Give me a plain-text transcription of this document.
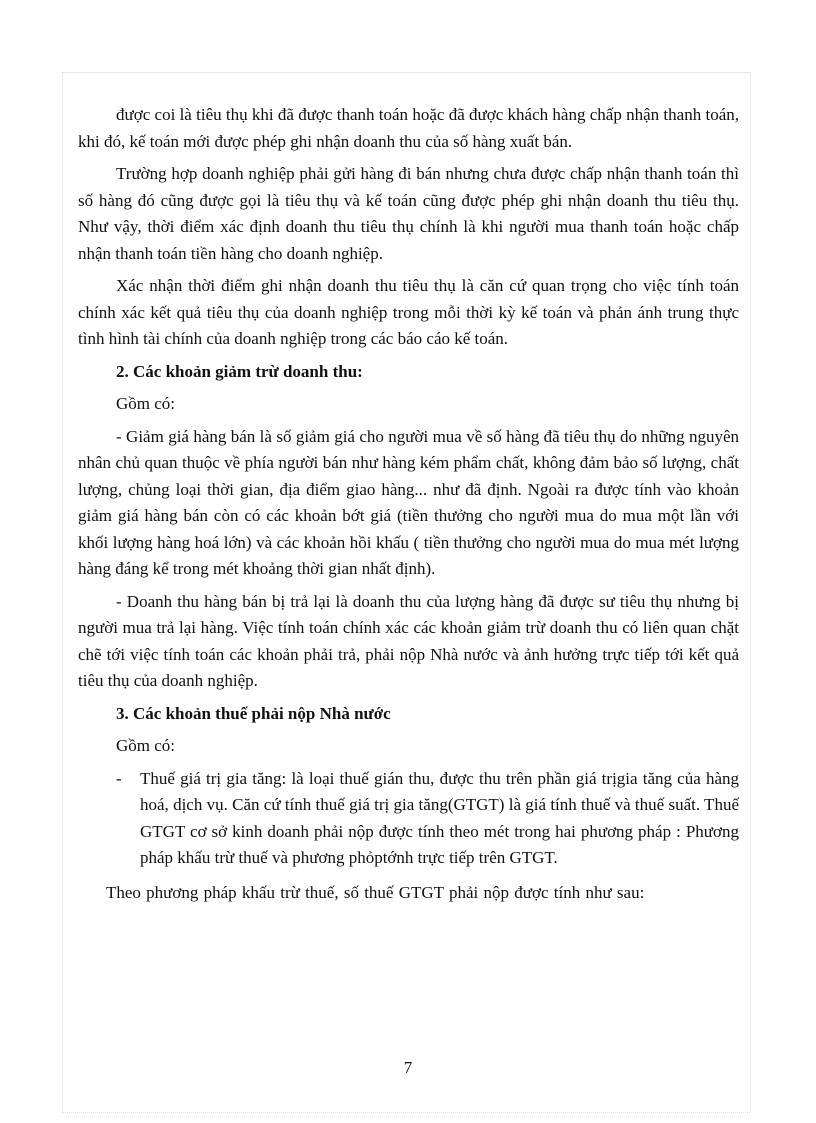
được coi là tiêu thụ khi đã được thanh toán hoặc đã được khách hàng chấp nhận thanh toán, khi đó, kế toán mới được phép ghi nhận doanh thu của số hàng xuất bán.

Trường hợp doanh nghiệp phải gửi hàng đi bán nhưng chưa được chấp nhận thanh toán thì số hàng đó cũng được gọi là tiêu thụ và kế toán cũng được phép ghi nhận doanh thu tiêu thụ. Như vậy, thời điểm xác định doanh thu tiêu thụ chính là khi người mua thanh toán hoặc chấp nhận thanh toán tiền hàng cho doanh nghiệp.

Xác nhận thời điểm ghi nhận doanh thu tiêu thụ là căn cứ quan trọng cho việc tính toán chính xác kết quả tiêu thụ của doanh nghiệp trong mỗi thời kỳ kế toán và phản ánh trung thực tình hình tài chính của doanh nghiệp trong các báo cáo kế toán.

2. Các khoản giảm trừ doanh thu:

Gồm có:

- Giảm giá hàng bán là số giảm giá cho người mua về số hàng đã tiêu thụ do những nguyên nhân chủ quan thuộc về phía người bán như hàng kém phẩm chất, không đảm bảo số lượng, chất lượng, chủng loại thời gian, địa điểm giao hàng... như đã định. Ngoài ra được tính vào khoản giảm giá hàng bán còn có các khoản bớt giá (tiền thưởng cho người mua do mua một lần với khối lượng hàng hoá lớn) và các khoản hồi khấu ( tiền thưởng cho người mua do mua mét lượng hàng đáng kể trong mét khoảng thời gian nhất định).

- Doanh thu hàng bán bị trả lại là doanh thu của lượng hàng đã được sư tiêu thụ nhưng bị người mua trả lại hàng. Việc tính toán chính xác các khoản giảm trừ doanh thu có liên quan chặt chẽ tới việc tính toán các khoản phải trả, phải nộp Nhà nước và ảnh hưởng trực tiếp tới kết quả tiêu thụ của doanh nghiệp.

3. Các khoản thuế phải nộp Nhà nước

Gồm có:

- Thuế giá trị gia tăng: là loại thuế gián thu, được thu trên phần giá trịgia tăng của hàng hoá, dịch vụ. Căn cứ tính thuế giá trị gia tăng(GTGT) là giá tính thuế và thuế suất. Thuế GTGT cơ sở kinh doanh phải nộp được tính theo mét trong hai phương pháp : Phương pháp khấu trừ thuế và phương phỏptớnh trực tiếp trên GTGT.

Theo phương pháp khấu trừ thuế, số thuế GTGT phải nộp được tính như sau:

7
